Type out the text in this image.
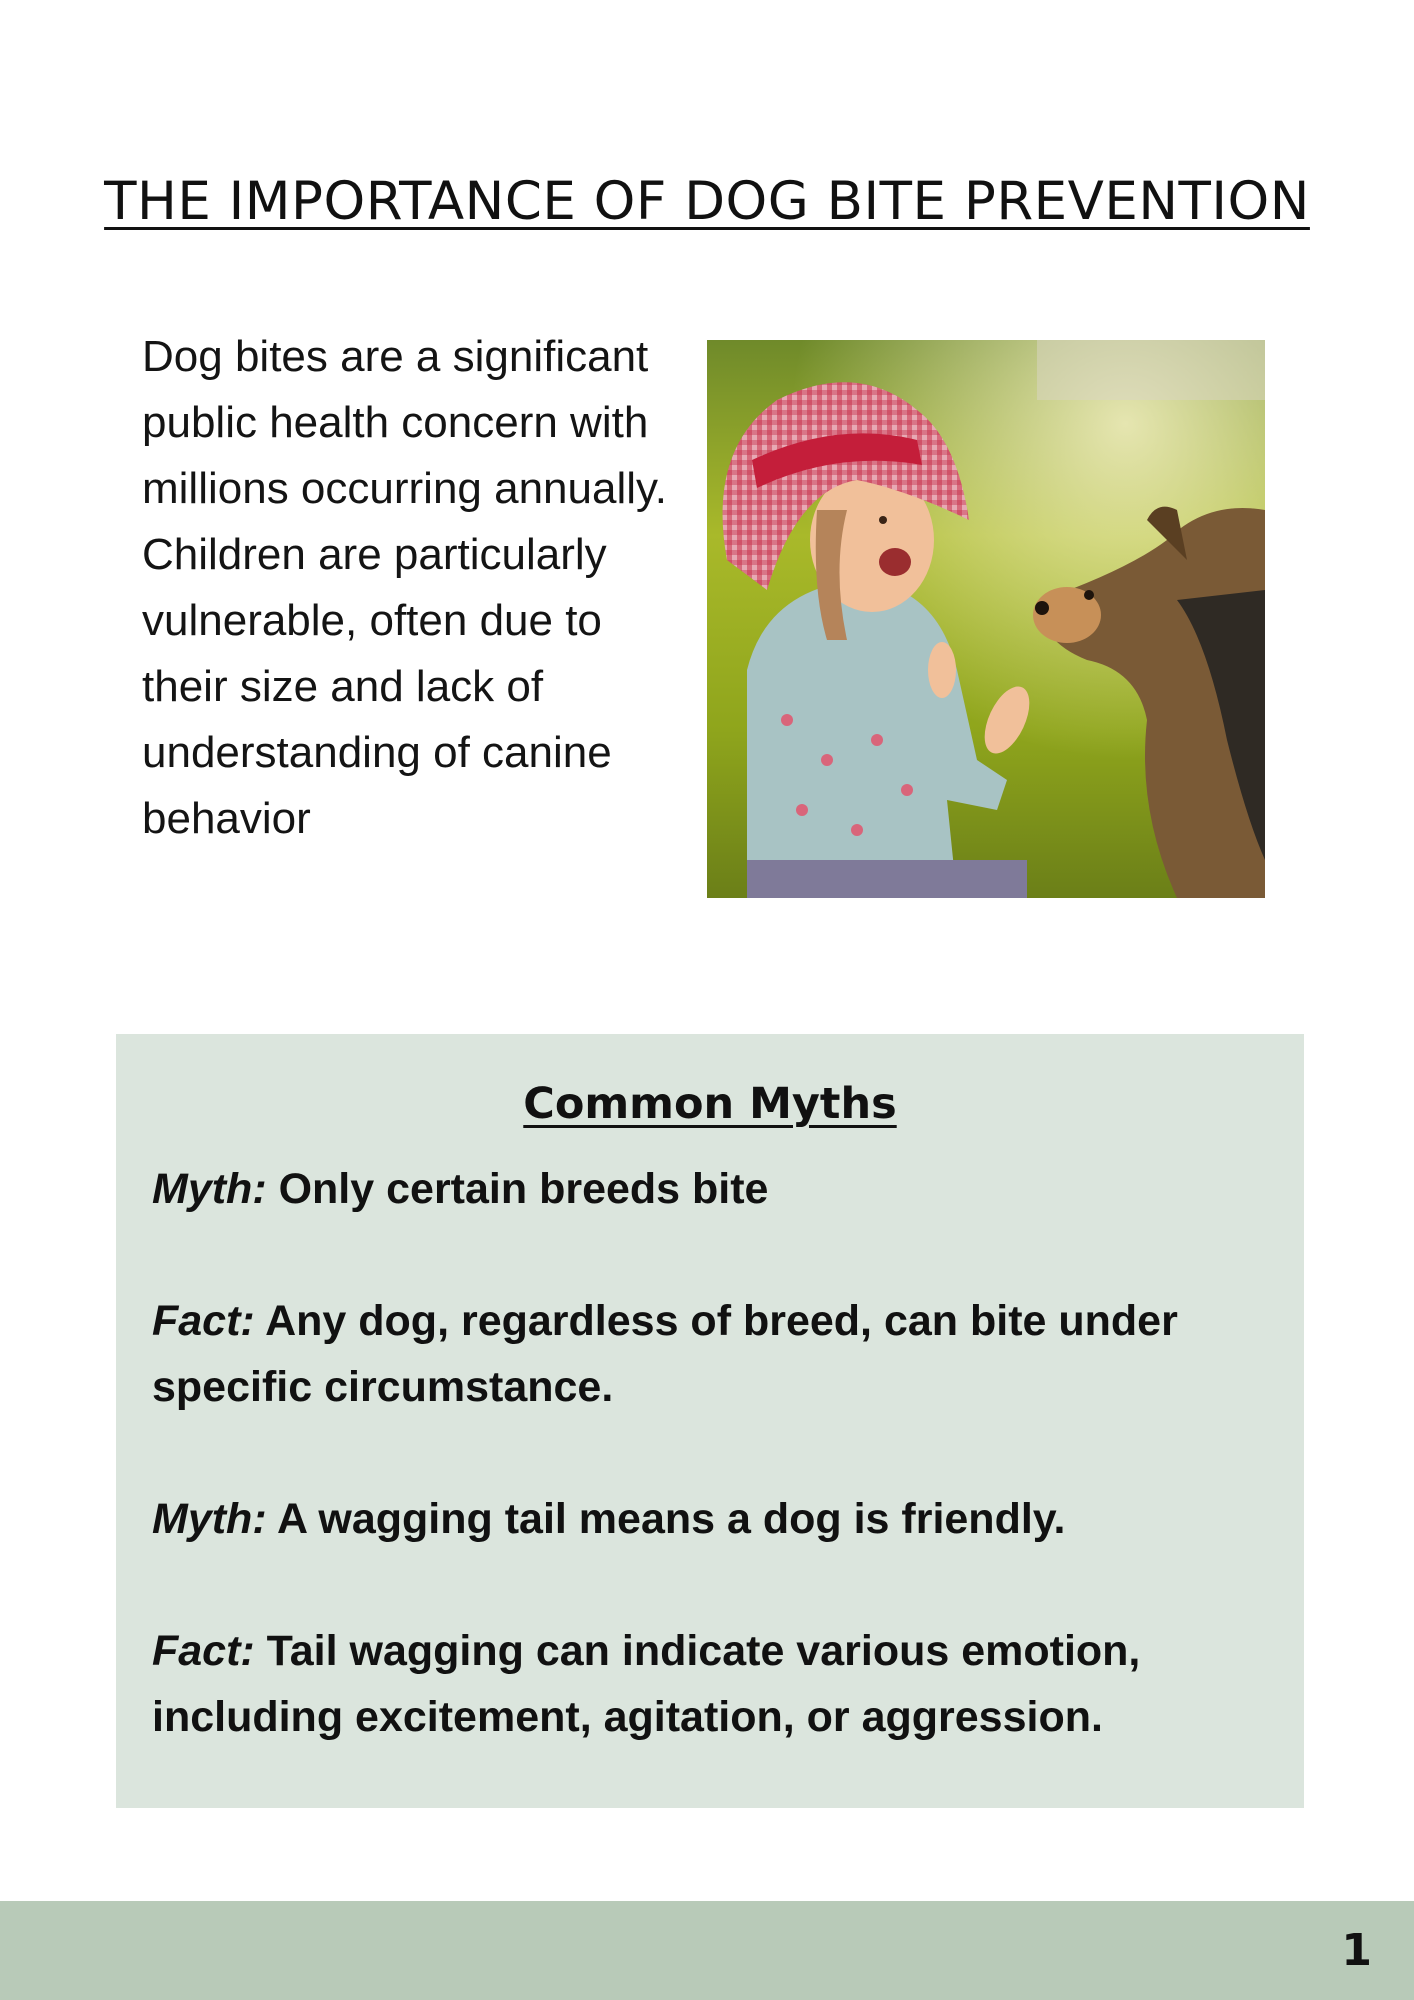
THE IMPORTANCE OF DOG BITE PREVENTION

Dog bites are a significant public health concern with millions occurring annually. Children are particularly vulnerable, often due to their size and lack of understanding of canine behavior

Common Myths

Myth: Only certain breeds bite

Fact: Any dog, regardless of breed, can bite under specific circumstance.

Myth: A wagging tail means a dog is friendly.

Fact: Tail wagging can indicate various emotion, including excitement, agitation, or aggression.

1
